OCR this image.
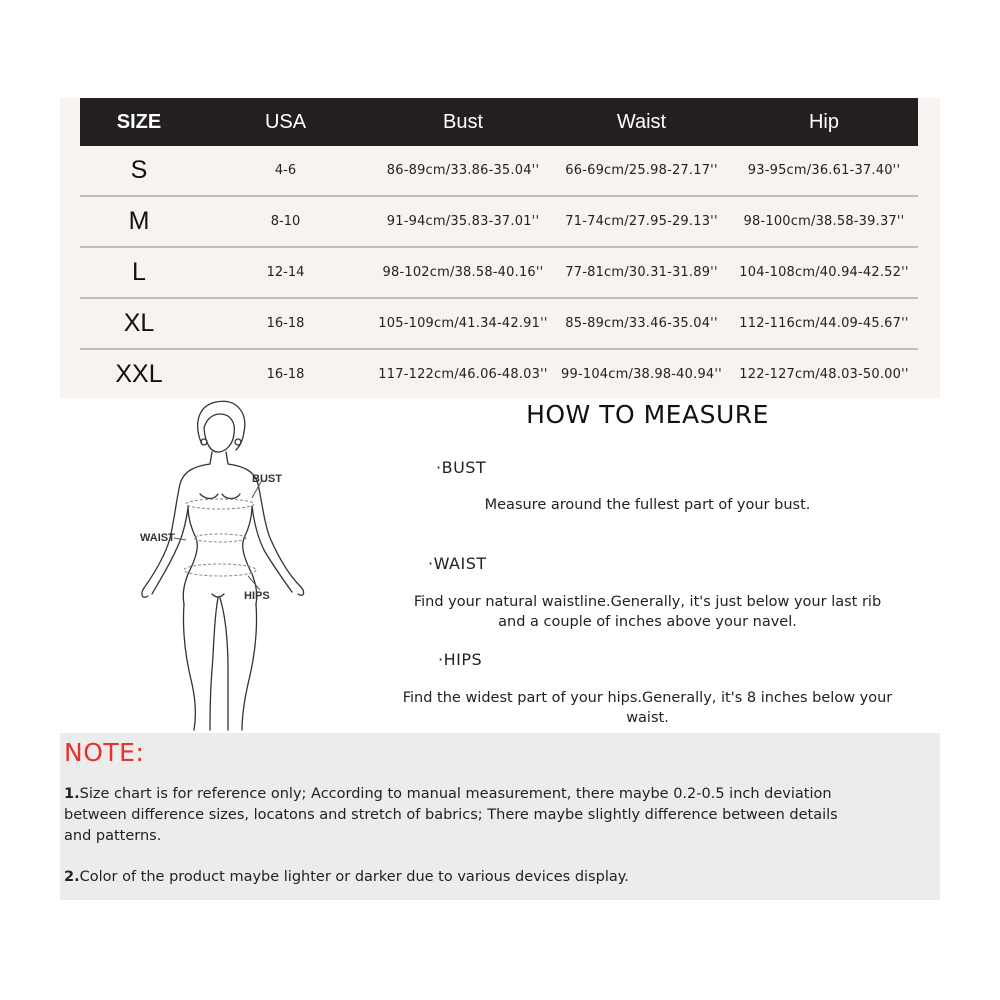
SIZE	USA	Bust	Waist	Hip
S	4-6	86-89cm/33.86-35.04''	66-69cm/25.98-27.17''	93-95cm/36.61-37.40''
M	8-10	91-94cm/35.83-37.01''	71-74cm/27.95-29.13''	98-100cm/38.58-39.37''
L	12-14	98-102cm/38.58-40.16''	77-81cm/30.31-31.89''	104-108cm/40.94-42.52''
XL	16-18	105-109cm/41.34-42.91''	85-89cm/33.46-35.04''	112-116cm/44.09-45.67''
XXL	16-18	117-122cm/46.06-48.03''	99-104cm/38.98-40.94''	122-127cm/48.03-50.00''
BUST
WAIST
HIPS
HOW TO MEASURE
·BUST
Measure around the fullest part of your bust.
·WAIST
Find your natural waistline.Generally, it's just below your last rib
and a couple of inches above your navel.
·HIPS
Find the widest part of your hips.Generally, it's 8 inches below your
waist.
NOTE:
1.Size chart is for reference only; According to manual measurement, there maybe 0.2-0.5 inch deviation
between difference sizes, locatons and stretch of babrics; There maybe slightly difference between details
and patterns.
2.Color of the product maybe lighter or darker due to various devices display.
